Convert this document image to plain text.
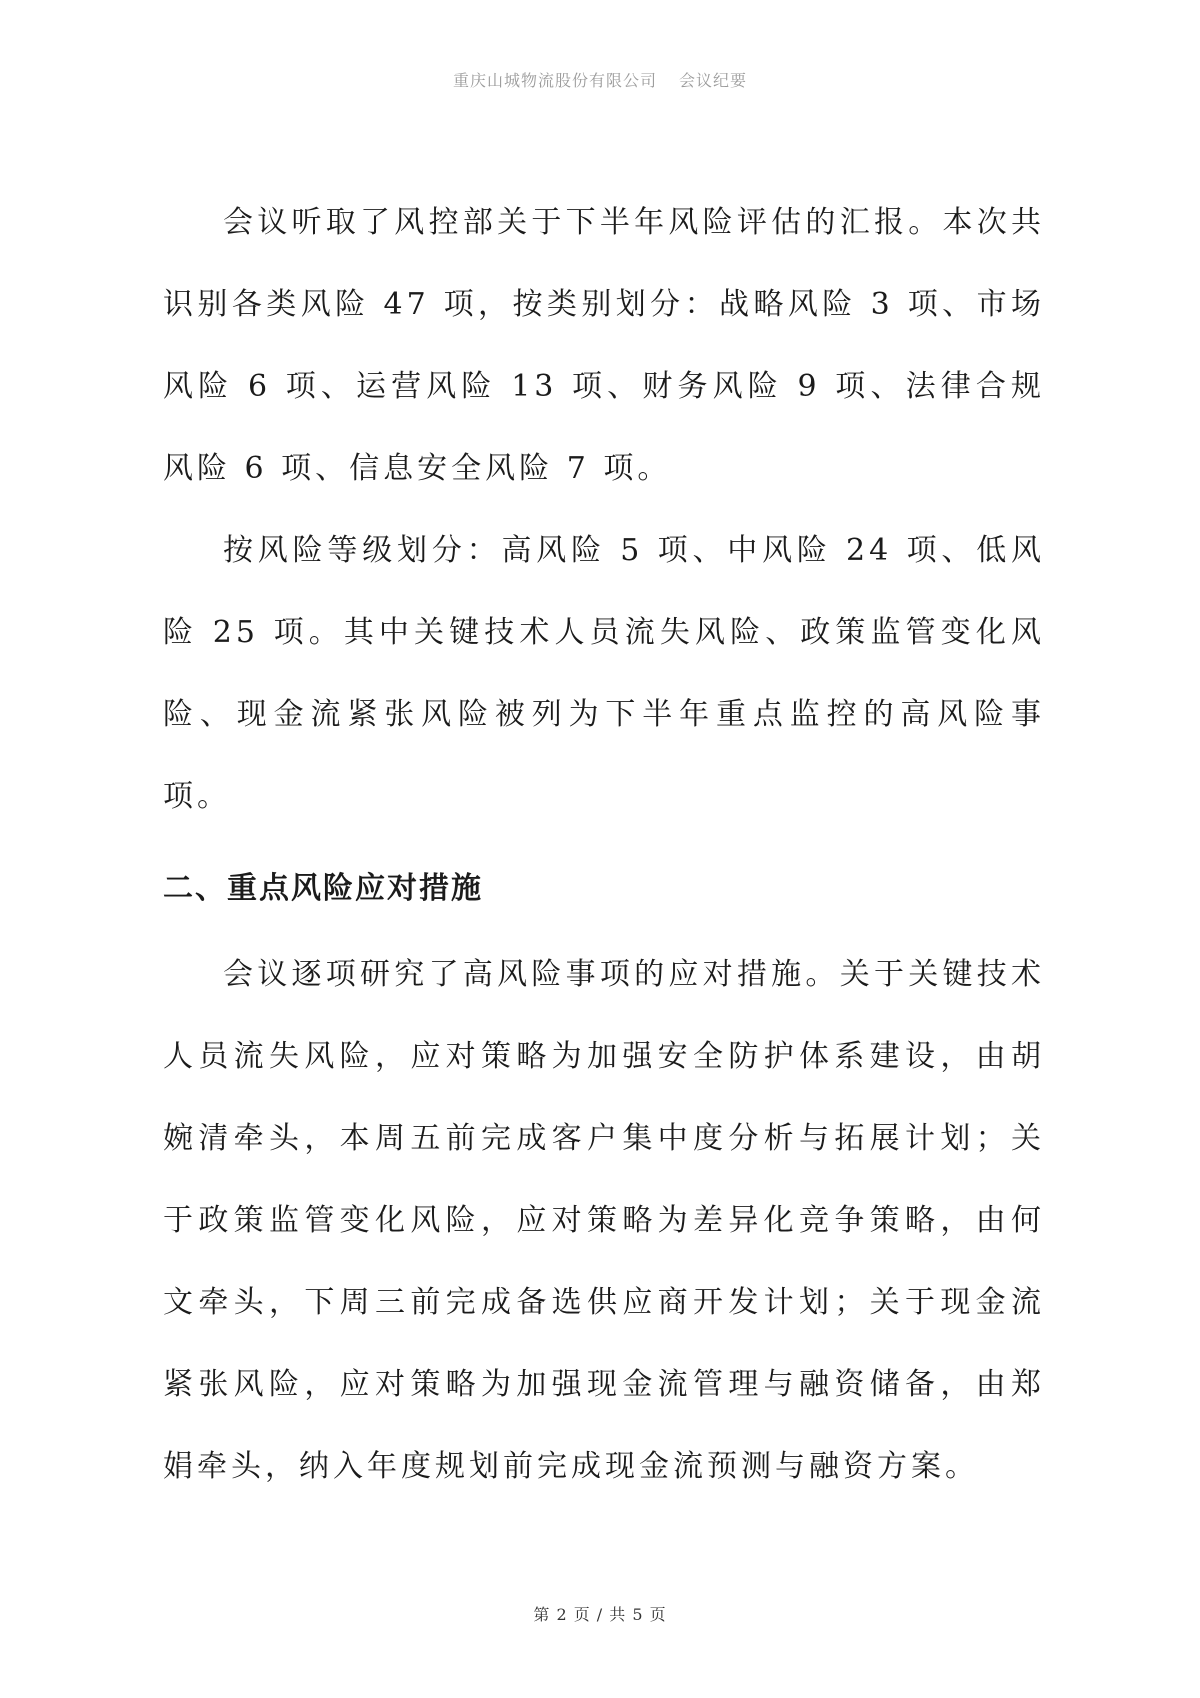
重庆山城物流股份有限公司 会议纪要

会议听取了风控部关于下半年风险评估的汇报。本次共识别各类风险 47 项，按类别划分：战略风险 3 项、市场风险 6 项、运营风险 13 项、财务风险 9 项、法律合规风险 6 项、信息安全风险 7 项。

按风险等级划分：高风险 5 项、中风险 24 项、低风险 25 项。其中关键技术人员流失风险、政策监管变化风险、现金流紧张风险被列为下半年重点监控的高风险事项。

二、重点风险应对措施

会议逐项研究了高风险事项的应对措施。关于关键技术人员流失风险，应对策略为加强安全防护体系建设，由胡婉清牵头，本周五前完成客户集中度分析与拓展计划；关于政策监管变化风险，应对策略为差异化竞争策略，由何文牵头，下周三前完成备选供应商开发计划；关于现金流紧张风险，应对策略为加强现金流管理与融资储备，由郑娟牵头，纳入年度规划前完成现金流预测与融资方案。

第 2 页 / 共 5 页
